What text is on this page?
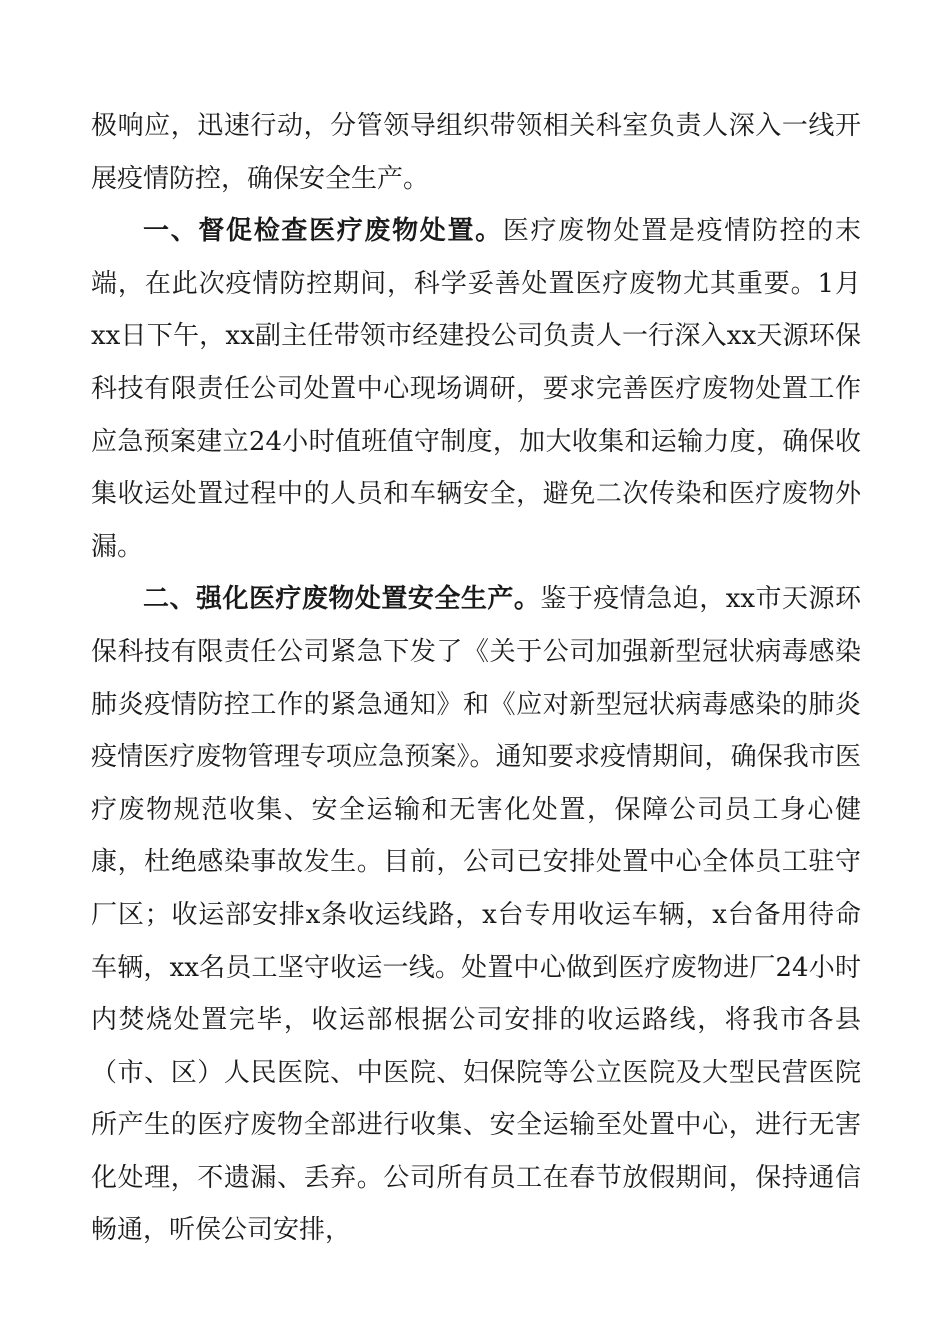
极响应，迅速行动，分管领导组织带领相关科室负责人深入一线开展疫情防控，确保安全生产。

一、督促检查医疗废物处置。医疗废物处置是疫情防控的末端，在此次疫情防控期间，科学妥善处置医疗废物尤其重要。1月xx日下午，xx副主任带领市经建投公司负责人一行深入xx天源环保科技有限责任公司处置中心现场调研，要求完善医疗废物处置工作应急预案建立24小时值班值守制度，加大收集和运输力度，确保收集收运处置过程中的人员和车辆安全，避免二次传染和医疗废物外漏。

二、强化医疗废物处置安全生产。鉴于疫情急迫，xx市天源环保科技有限责任公司紧急下发了《关于公司加强新型冠状病毒感染肺炎疫情防控工作的紧急通知》和《应对新型冠状病毒感染的肺炎疫情医疗废物管理专项应急预案》。通知要求疫情期间，确保我市医疗废物规范收集、安全运输和无害化处置，保障公司员工身心健康，杜绝感染事故发生。目前，公司已安排处置中心全体员工驻守厂区；收运部安排x条收运线路，x台专用收运车辆，x台备用待命车辆，xx名员工坚守收运一线。处置中心做到医疗废物进厂24小时内焚烧处置完毕，收运部根据公司安排的收运路线，将我市各县（市、区）人民医院、中医院、妇保院等公立医院及大型民营医院所产生的医疗废物全部进行收集、安全运输至处置中心，进行无害化处理，不遗漏、丢弃。公司所有员工在春节放假期间，保持通信畅通，听侯公司安排，
